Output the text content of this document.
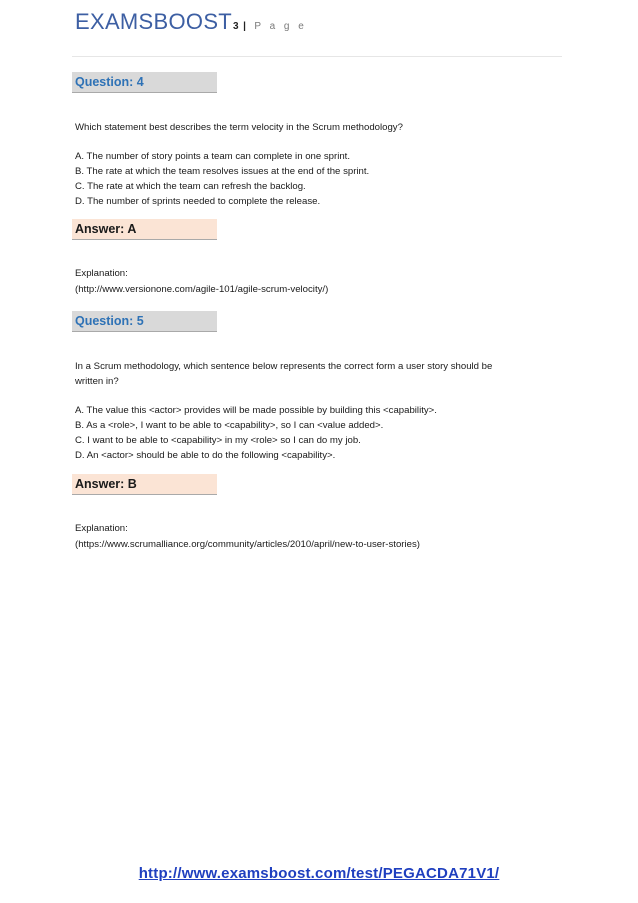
EXAMSBOOST3 | P a g e
Question: 4
Which statement best describes the term velocity in the Scrum methodology?
A. The number of story points a team can complete in one sprint.
B. The rate at which the team resolves issues at the end of the sprint.
C. The rate at which the team can refresh the backlog.
D. The number of sprints needed to complete the release.
Answer: A
Explanation:
(http://www.versionone.com/agile-101/agile-scrum-velocity/)
Question: 5
In a Scrum methodology, which sentence below represents the correct form a user story should be
written in?
A. The value this <actor> provides will be made possible by building this <capability>.
B. As a <role>, I want to be able to <capability>, so I can <value added>.
C. I want to be able to <capability> in my <role> so I can do my job.
D. An <actor> should be able to do the following <capability>.
Answer: B
Explanation:
(https://www.scrumalliance.org/community/articles/2010/april/new-to-user-stories)
http://www.examsboost.com/test/PEGACDA71V1/
